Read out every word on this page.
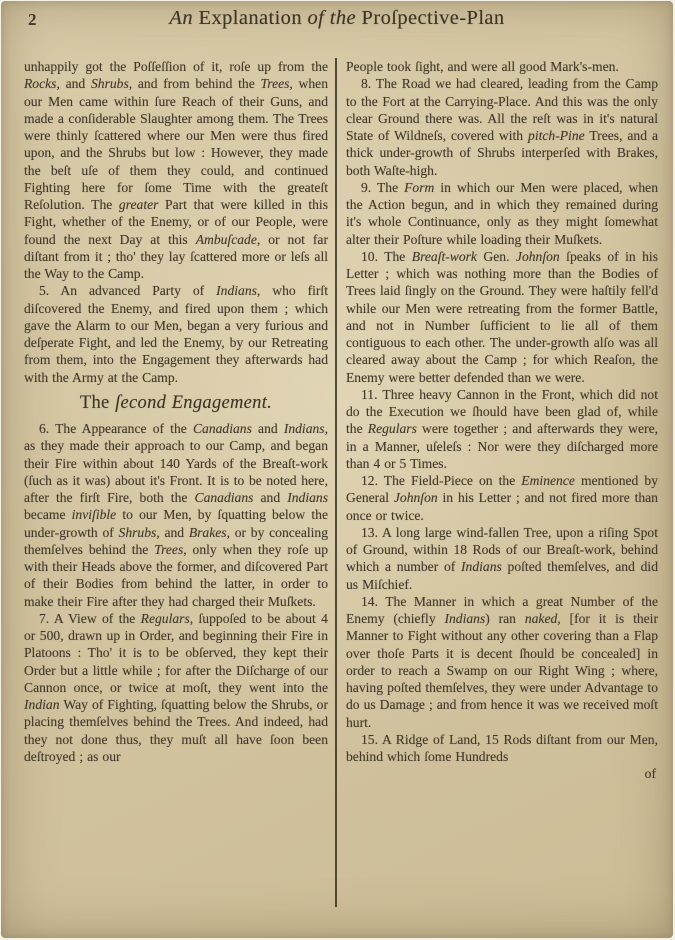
2	An Explanation of the Proſpective-Plan

unhappily got the Poſſeſſion of it, roſe up from the Rocks, and Shrubs, and from behind the Trees, when our Men came within ſure Reach of their Guns, and made a conſiderable Slaughter among them. The Trees were thinly ſcattered where our Men were thus fired upon, and the Shrubs but low : However, they made the beſt uſe of them they could, and continued Fighting here for ſome Time with the greateſt Reſolution. The greater Part that were killed in this Fight, whether of the Enemy, or of our People, were found the next Day at this Ambuſcade, or not far diſtant from it ; tho' they lay ſcattered more or leſs all the Way to the Camp.

5. An advanced Party of Indians, who firſt diſcovered the Enemy, and fired upon them ; which gave the Alarm to our Men, began a very furious and deſperate Fight, and led the Enemy, by our Retreating from them, into the Engagement they afterwards had with the Army at the Camp.

The ſecond Engagement.

6. The Appearance of the Canadians and Indians, as they made their approach to our Camp, and began their Fire within about 140 Yards of the Breaſt-work (ſuch as it was) about it's Front. It is to be noted here, after the firſt Fire, both the Canadians and Indians became inviſible to our Men, by ſquatting below the under-growth of Shrubs, and Brakes, or by concealing themſelves behind the Trees, only when they roſe up with their Heads above the former, and diſcovered Part of their Bodies from behind the latter, in order to make their Fire after they had charged their Muſkets.

7. A View of the Regulars, ſuppoſed to be about 4 or 500, drawn up in Order, and beginning their Fire in Platoons : Tho' it is to be obſerved, they kept their Order but a little while ; for after the Diſcharge of our Cannon once, or twice at moſt, they went into the Indian Way of Fighting, ſquatting below the Shrubs, or placing themſelves behind the Trees. And indeed, had they not done thus, they muſt all have ſoon been deſtroyed ; as our

People took ſight, and were all good Mark's-men.

8. The Road we had cleared, leading from the Camp to the Fort at the Carrying-Place. And this was the only clear Ground there was. All the reſt was in it's natural State of Wildneſs, covered with pitch-Pine Trees, and a thick under-growth of Shrubs interperſed with Brakes, both Waſte-high.

9. The Form in which our Men were placed, when the Action begun, and in which they remained during it's whole Continuance, only as they might ſomewhat alter their Poſture while loading their Muſkets.

10. The Breaſt-work Gen. Johnſon ſpeaks of in his Letter ; which was nothing more than the Bodies of Trees laid ſingly on the Ground. They were haſtily fell'd while our Men were retreating from the former Battle, and not in Number ſufficient to lie all of them contiguous to each other. The under-growth alſo was all cleared away about the Camp ; for which Reaſon, the Enemy were better defended than we were.

11. Three heavy Cannon in the Front, which did not do the Execution we ſhould have been glad of, while the Regulars were together ; and afterwards they were, in a Manner, uſeleſs : Nor were they diſcharged more than 4 or 5 Times.

12. The Field-Piece on the Eminence mentioned by General Johnſon in his Letter ; and not fired more than once or twice.

13. A long large wind-fallen Tree, upon a riſing Spot of Ground, within 18 Rods of our Breaſt-work, behind which a number of Indians poſted themſelves, and did us Miſchief.

14. The Manner in which a great Number of the Enemy (chiefly Indians) ran naked, [for it is their Manner to Fight without any other covering than a Flap over thoſe Parts it is decent ſhould be concealed] in order to reach a Swamp on our Right Wing ; where, having poſted themſelves, they were under Advantage to do us Damage ; and from hence it was we received moſt hurt.

15. A Ridge of Land, 15 Rods diſtant from our Men, behind which ſome Hundreds

of
